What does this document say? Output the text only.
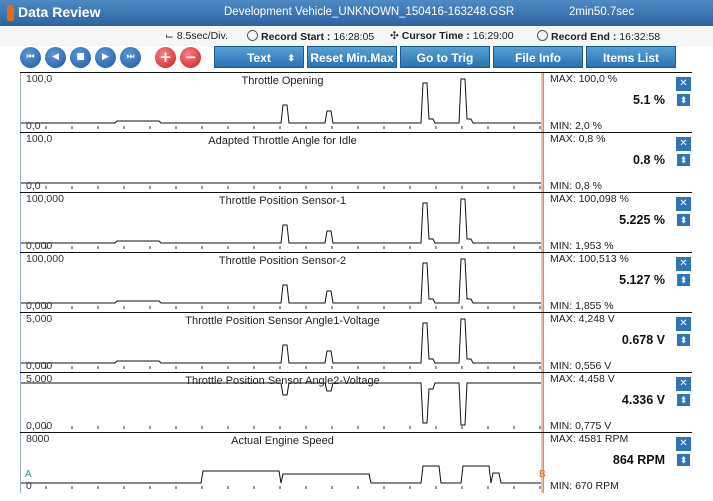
Data Review	Development Vehicle_UNKNOWN_150416-163248.GSR	2min50.7sec
⌙ 8.5sec/Div.	Record Start : 16:28:05 ✣ Cursor Time : 16:29:00	Record End : 16:32:58
⏮	◀	■	▶	⏭	+ −	Text ⬍ Reset Min.Max	Go to Trig	File Info	Items List
100,0
0,0
Throttle Opening	MAX: 100,0 %
5.1 %
MIN: 2,0 %
✕
⬍
100,0
0,0
Adapted Throttle Angle for Idle	MAX: 0,8 %
0.8 %
MIN: 0,8 %
✕
⬍
100,000
0,000
Throttle Position Sensor-1	MAX: 100,098 %
5.225 %
MIN: 1,953 %
✕
⬍
100,000
0,000
Throttle Position Sensor-2	MAX: 100,513 %
5.127 %
MIN: 1,855 %
✕
⬍
5,000
0,000
Throttle Position Sensor Angle1-Voltage	MAX: 4,248 V
0.678 V
MIN: 0,556 V
✕
⬍
5,000
0,000
Throttle Position Sensor Angle2-Voltage	MAX: 4,458 V
4.336 V
MIN: 0,775 V
✕
⬍
8000
0
Actual Engine Speed
A	B
MAX: 4581 RPM
864 RPM
MIN: 670 RPM
✕
⬍
